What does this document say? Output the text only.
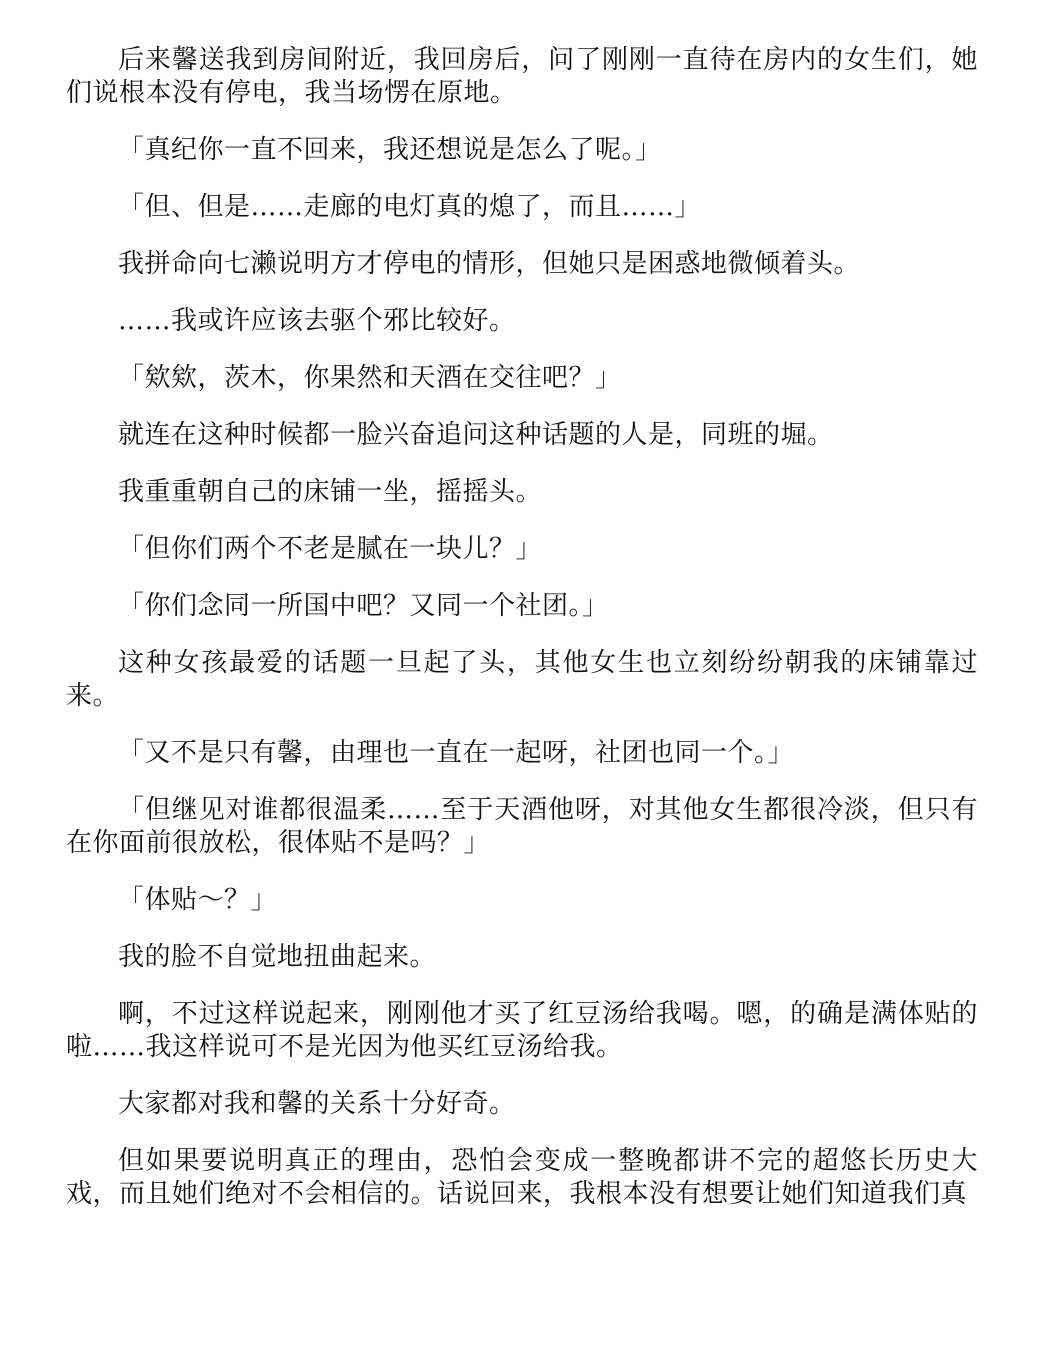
后来馨送我到房间附近，我回房后，问了刚刚一直待在房内的女生们，她们说根本没有停电，我当场愣在原地。

「真纪你一直不回来，我还想说是怎么了呢。」

「但、但是……走廊的电灯真的熄了，而且……」

我拼命向七濑说明方才停电的情形，但她只是困惑地微倾着头。

……我或许应该去驱个邪比较好。

「欸欸，茨木，你果然和天酒在交往吧？」

就连在这种时候都一脸兴奋追问这种话题的人是，同班的堀。

我重重朝自己的床铺一坐，摇摇头。

「但你们两个不老是腻在一块儿？」

「你们念同一所国中吧？又同一个社团。」

这种女孩最爱的话题一旦起了头，其他女生也立刻纷纷朝我的床铺靠过来。

「又不是只有馨，由理也一直在一起呀，社团也同一个。」

「但继见对谁都很温柔……至于天酒他呀，对其他女生都很冷淡，但只有在你面前很放松，很体贴不是吗？」

「体贴～？」

我的脸不自觉地扭曲起来。

啊，不过这样说起来，刚刚他才买了红豆汤给我喝。嗯，的确是满体贴的啦……我这样说可不是光因为他买红豆汤给我。

大家都对我和馨的关系十分好奇。

但如果要说明真正的理由，恐怕会变成一整晚都讲不完的超悠长历史大戏，而且她们绝对不会相信的。话说回来，我根本没有想要让她们知道我们真
